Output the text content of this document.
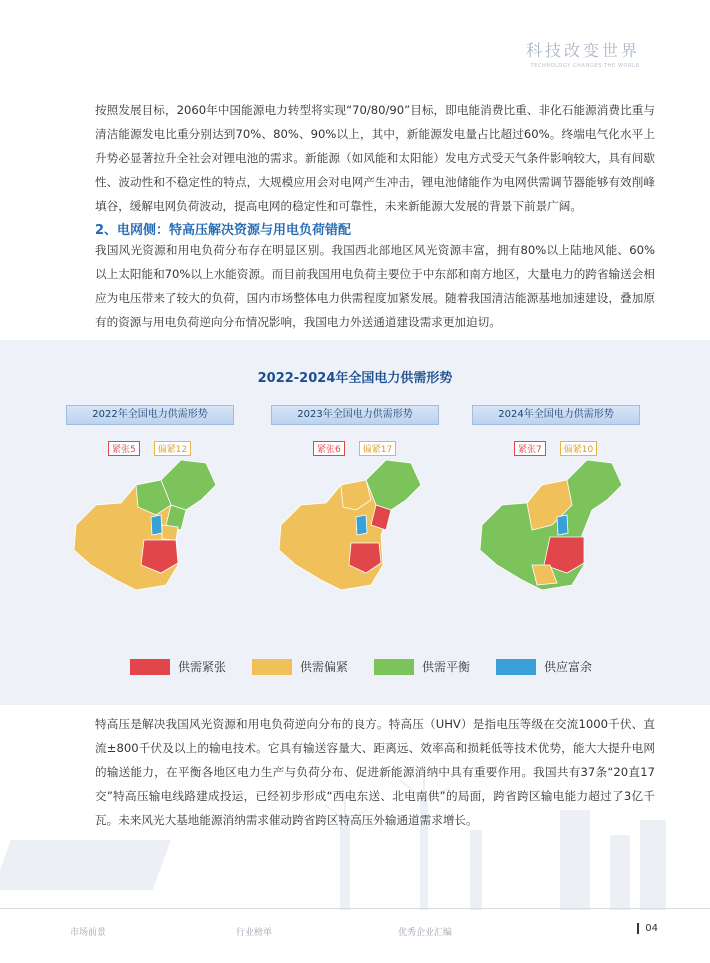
科技改变世界
TECHNOLOGY CHANGES THE WORLD

按照发展目标，2060年中国能源电力转型将实现“70/80/90”目标，即电能消费比重、非化石能源消费比重与清洁能源发电比重分别达到70%、80%、90%以上，其中，新能源发电量占比超过60%。终端电气化水平上升势必显著拉升全社会对锂电池的需求。新能源（如风能和太阳能）发电方式受天气条件影响较大，具有间歇性、波动性和不稳定性的特点，大规模应用会对电网产生冲击，锂电池储能作为电网供需调节器能够有效削峰填谷，缓解电网负荷波动，提高电网的稳定性和可靠性，未来新能源大发展的背景下前景广阔。

2、电网侧：特高压解决资源与用电负荷错配

我国风光资源和用电负荷分布存在明显区别。我国西北部地区风光资源丰富，拥有80%以上陆地风能、60%以上太阳能和70%以上水能资源。而目前我国用电负荷主要位于中东部和南方地区，大量电力的跨省输送会相应为电压带来了较大的负荷，国内市场整体电力供需程度加紧发展。随着我国清洁能源基地加速建设，叠加原有的资源与用电负荷逆向分布情况影响，我国电力外送通道建设需求更加迫切。

2022-2024年全国电力供需形势
2022年全国电力供需形势
紧张5	偏紧12
2023年全国电力供需形势
紧张6	偏紧17
2024年全国电力供需形势
紧张7	偏紧10
供需紧张	供需偏紧	供需平衡	供应富余

特高压是解决我国风光资源和用电负荷逆向分布的良方。特高压（UHV）是指电压等级在交流1000千伏、直流±800千伏及以上的输电技术。它具有输送容量大、距离远、效率高和损耗低等技术优势，能大大提升电网的输送能力，在平衡各地区电力生产与负荷分布、促进新能源消纳中具有重要作用。我国共有37条“20直17交”特高压输电线路建成投运，已经初步形成“西电东送、北电南供”的局面，跨省跨区输电能力超过了3亿千瓦。未来风光大基地能源消纳需求催动跨省跨区特高压外输通道需求增长。

市场前景	行业榜单	优秀企业汇编	04
